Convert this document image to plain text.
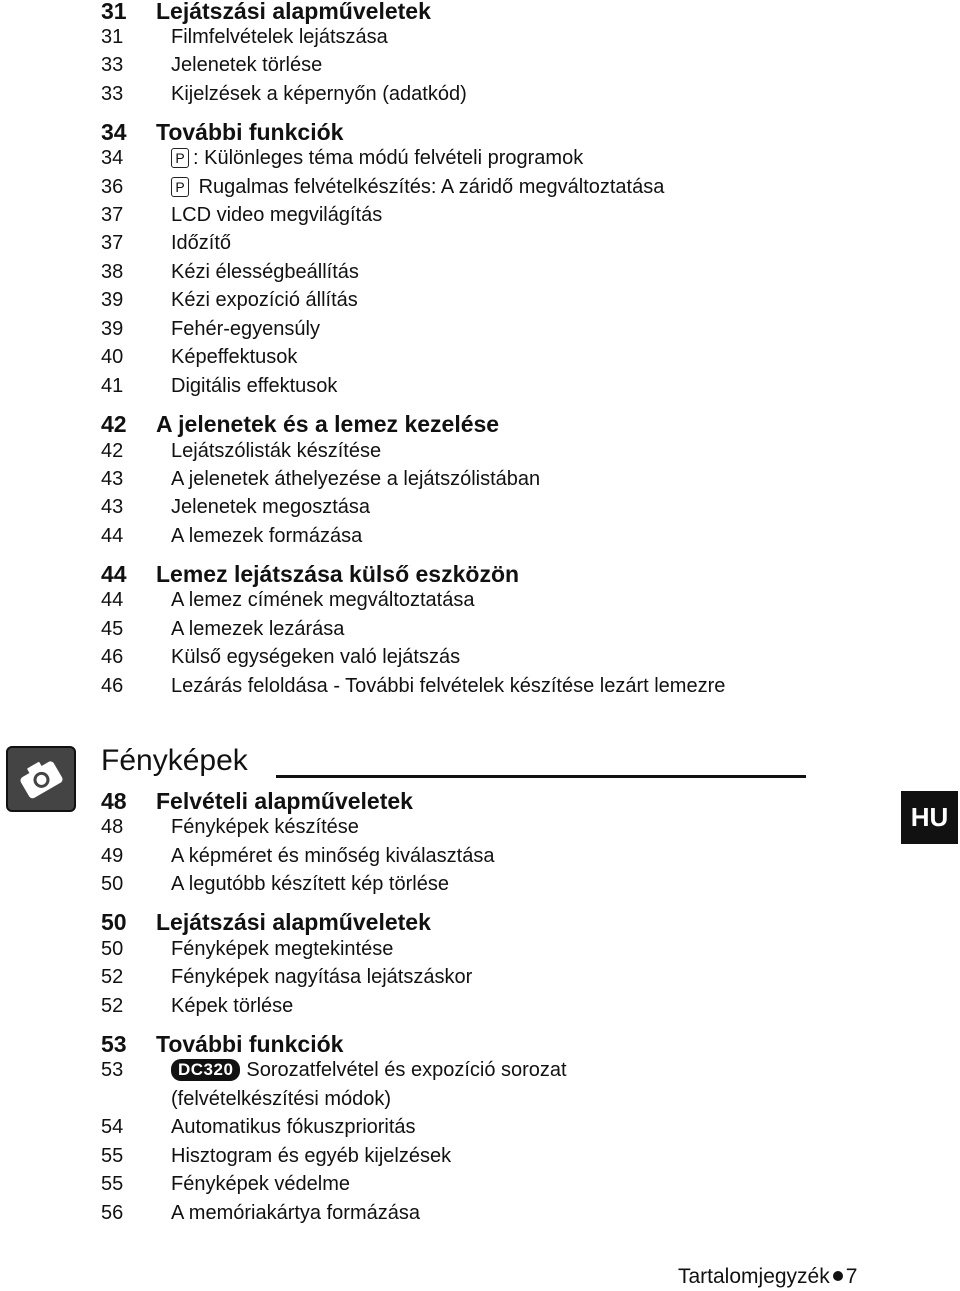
31 Lejátszási alapműveletek
31 Filmfelvételek lejátszása
33 Jelenetek törlése
33 Kijelzések a képernyőn (adatkód)
34 További funkciók
34	P : Különleges téma módú felvételi programok
36	P Rugalmas felvételkészítés: A záridő megváltoztatása
37 LCD video megvilágítás
37 Időzítő
38 Kézi élességbeállítás
39 Kézi expozíció állítás
39 Fehér-egyensúly
40 Képeffektusok
41 Digitális effektusok
42 A jelenetek és a lemez kezelése
42 Lejátszólisták készítése
43 A jelenetek áthelyezése a lejátszólistában
43 Jelenetek megosztása
44 A lemezek formázása
44 Lemez lejátszása külső eszközön
44 A lemez címének megváltoztatása
45 A lemezek lezárása
46 Külső egységeken való lejátszás
46 Lezárás feloldása - További felvételek készítése lezárt lemezre
Fényképek
HU
48 Felvételi alapműveletek
48 Fényképek készítése
49 A képméret és minőség kiválasztása
50 A legutóbb készített kép törlése
50 Lejátszási alapműveletek
50 Fényképek megtekintése
52 Fényképek nagyítása lejátszáskor
52 Képek törlése
53 További funkciók
53	DC320 Sorozatfelvétel és expozíció sorozat
(felvételkészítési módok)
54 Automatikus fókuszprioritás
55 Hisztogram és egyéb kijelzések
55 Fényképek védelme
56 A memóriakártya formázása
Tartalomjegyzék 7
